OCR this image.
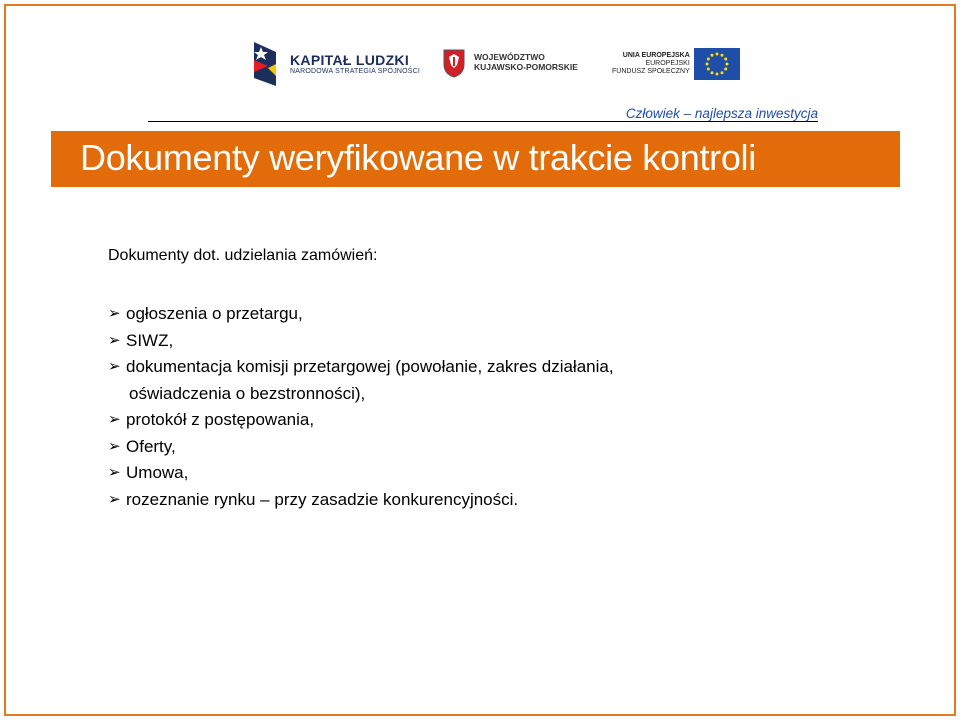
KAPITAŁ LUDZKI
NARODOWA STRATEGIA SPÓJNOŚCI
WOJEWÓDZTWO
KUJAWSKO-POMORSKIE
UNIA EUROPEJSKA
EUROPEJSKI
FUNDUSZ SPOŁECZNY
Człowiek – najlepsza inwestycja
Dokumenty weryfikowane w trakcie kontroli
Dokumenty dot. udzielania zamówień:
➢ ogłoszenia o przetargu,
➢ SIWZ,
➢ dokumentacja komisji przetargowej (powołanie, zakres działania,
oświadczenia o bezstronności),
➢ protokół z postępowania,
➢ Oferty,
➢ Umowa,
➢ rozeznanie rynku – przy zasadzie konkurencyjności.
